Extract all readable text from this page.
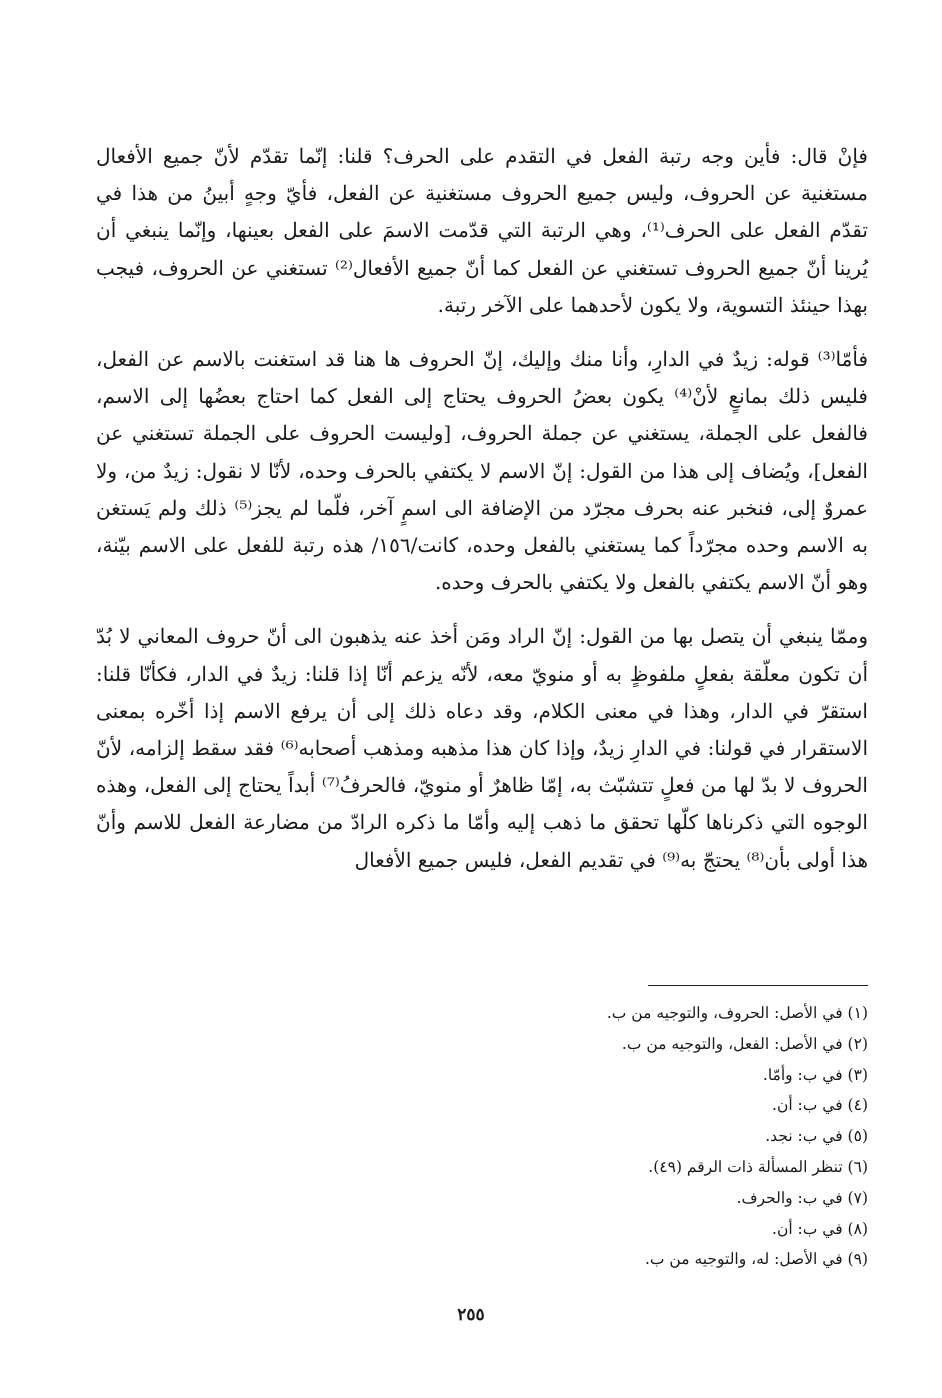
فإنْ قال: فأين وجه رتبة الفعل في التقدم على الحرف؟ قلنا: إنّما تقدّم لأنّ جميع الأفعال مستغنية عن الحروف، وليس جميع الحروف مستغنية عن الفعل، فأيّ وجهٍ أبينُ من هذا في تقدّم الفعل على الحرف⁽¹⁾، وهي الرتبة التي قدّمت الاسمَ على الفعل بعينها، وإنّما ينبغي أن يُرينا أنّ جميع الحروف تستغني عن الفعل كما أنّ جميع الأفعال⁽²⁾ تستغني عن الحروف، فيجب بهذا حينئذ التسوية، ولا يكون لأحدهما على الآخر رتبة.

فأمّا⁽³⁾ قوله: زيدٌ في الدارِ، وأنا منك وإليك، إنّ الحروف ها هنا قد استغنت بالاسم عن الفعل، فليس ذلك بمانعٍ لأنْ⁽⁴⁾ يكون بعضُ الحروف يحتاج إلى الفعل كما احتاج بعضُها إلى الاسم، فالفعل على الجملة، يستغني عن جملة الحروف، [وليست الحروف على الجملة تستغني عن الفعل]، ويُضاف إلى هذا من القول: إنّ الاسم لا يكتفي بالحرف وحده، لأنّا لا نقول: زيدٌ من، ولا عمروٌ إلى، فنخبر عنه بحرف مجرّد من الإضافة الى اسمٍ آخر، فلّما لم يجز⁽⁵⁾ ذلك ولم يَستغن به الاسم وحده مجرّداً كما يستغني بالفعل وحده، كانت/١٥٦/ هذه رتبة للفعل على الاسم بيّنة، وهو أنّ الاسم يكتفي بالفعل ولا يكتفي بالحرف وحده.

وممّا ينبغي أن يتصل بها من القول: إنّ الراد ومَن أخذ عنه يذهبون الى أنّ حروف المعاني لا بُدّ أن تكون معلّقة بفعلٍ ملفوظٍ به أو منويّ معه، لأنّه يزعم أنّا إذا قلنا: زيدٌ في الدار، فكأنّا قلنا: استقرّ في الدار، وهذا في معنى الكلام، وقد دعاه ذلك إلى أن يرفع الاسم إذا أخّره بمعنى الاستقرار في قولنا: في الدارِ زيدٌ، وإذا كان هذا مذهبه ومذهب أصحابه⁽⁶⁾ فقد سقط إلزامه، لأنّ الحروف لا بدّ لها من فعلٍ تتشبّث به، إمّا ظاهرٌ أو منويّ، فالحرفُ⁽⁷⁾ أبداً يحتاج إلى الفعل، وهذه الوجوه التي ذكرناها كلّها تحقق ما ذهب إليه وأمّا ما ذكره الرادّ من مضارعة الفعل للاسم وأنّ هذا أولى بأن⁽⁸⁾ يحتجّ به⁽⁹⁾ في تقديم الفعل، فليس جميع الأفعال

(١) في الأصل: الحروف، والتوجيه من ب.

(٢) في الأصل: الفعل، والتوجيه من ب.

(٣) في ب: وأمّا.

(٤) في ب: أن.

(٥) في ب: نجد.

(٦) تنظر المسألة ذات الرقم (٤٩).

(٧) في ب: والحرف.

(٨) في ب: أن.

(٩) في الأصل: له، والتوجيه من ب.

٢٥٥
